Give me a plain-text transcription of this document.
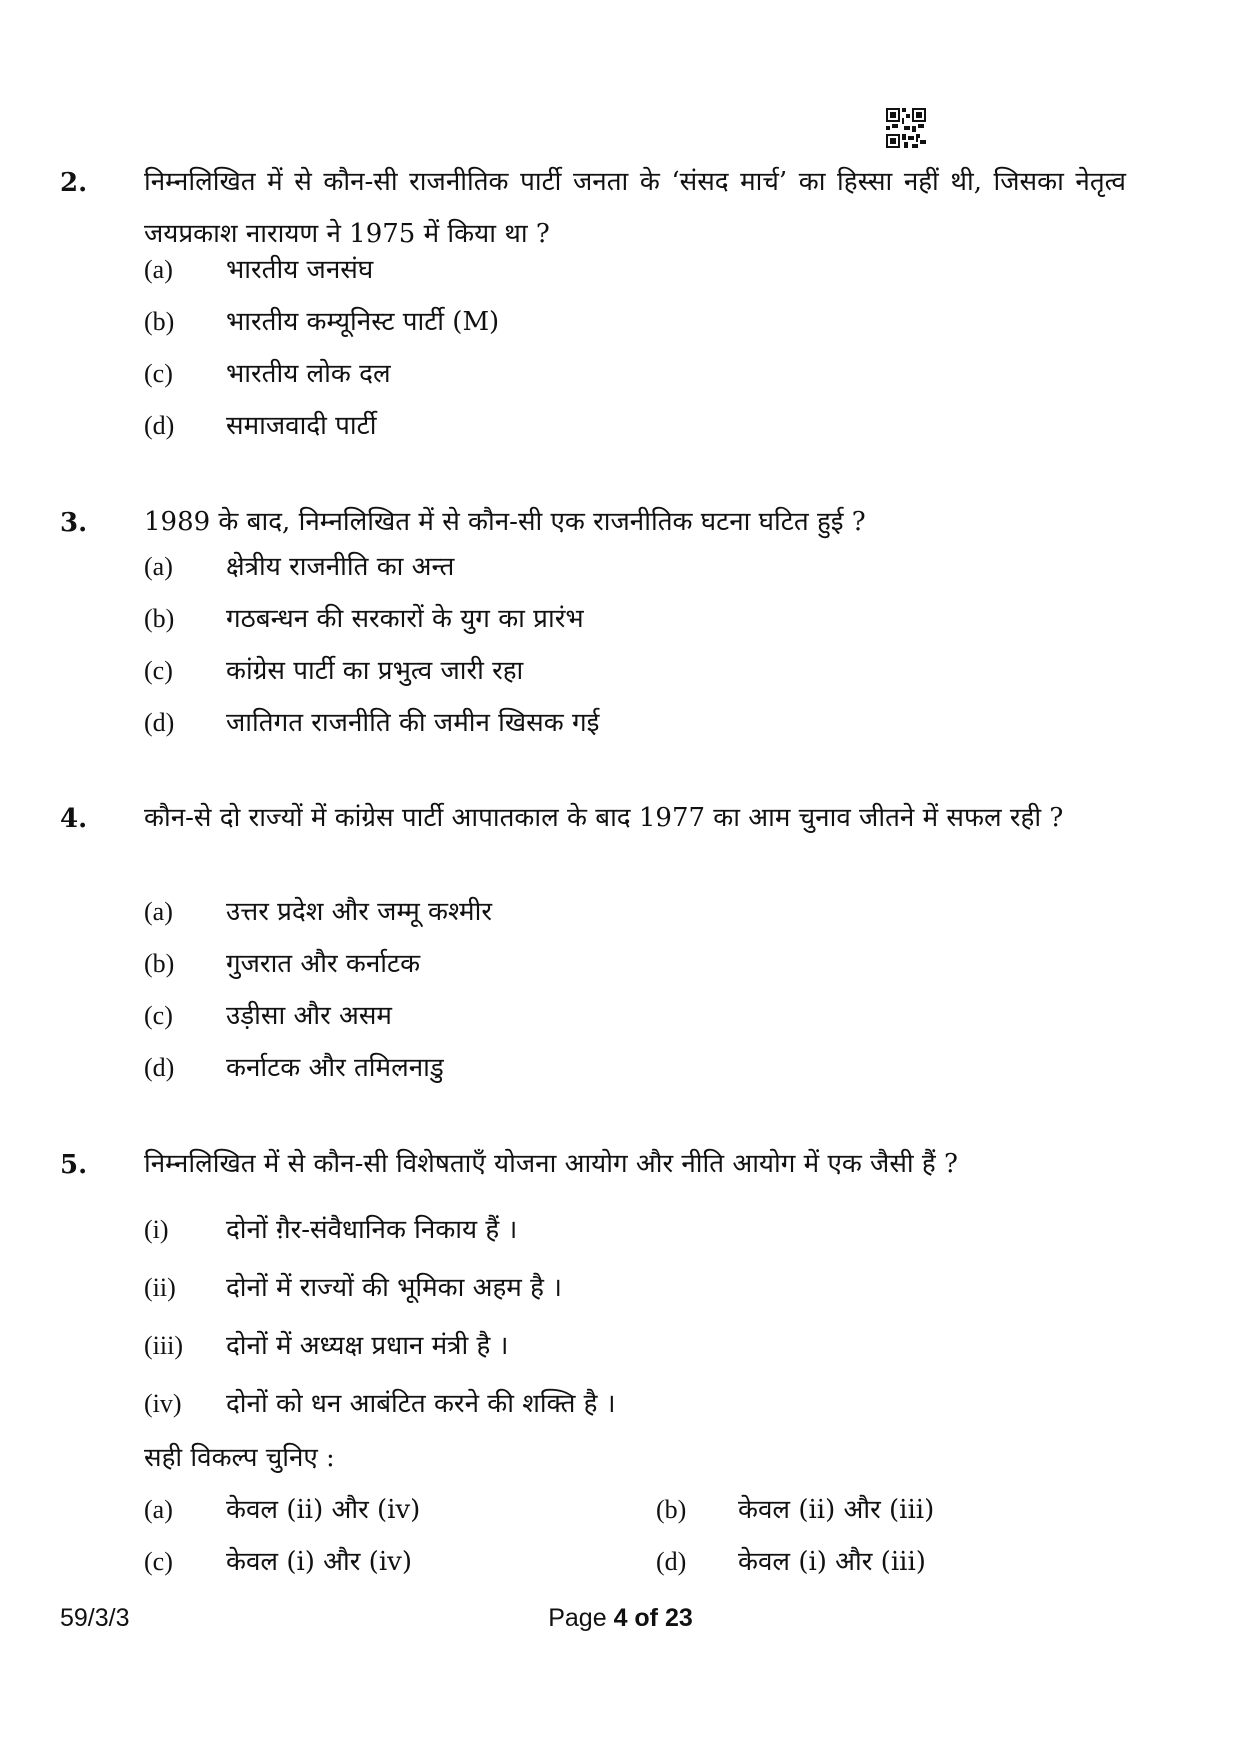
2. निम्नलिखित में से कौन-सी राजनीतिक पार्टी जनता के ‘संसद मार्च’ का हिस्सा नहीं थी, जिसका नेतृत्व जयप्रकाश नारायण ने 1975 में किया था ?
(a) भारतीय जनसंघ
(b) भारतीय कम्यूनिस्ट पार्टी (M)
(c) भारतीय लोक दल
(d) समाजवादी पार्टी
3. 1989 के बाद, निम्नलिखित में से कौन-सी एक राजनीतिक घटना घटित हुई ?
(a) क्षेत्रीय राजनीति का अन्त
(b) गठबन्धन की सरकारों के युग का प्रारंभ
(c) कांग्रेस पार्टी का प्रभुत्व जारी रहा
(d) जातिगत राजनीति की जमीन खिसक गई
4. कौन-से दो राज्यों में कांग्रेस पार्टी आपातकाल के बाद 1977 का आम चुनाव जीतने में सफल रही ?
(a) उत्तर प्रदेश और जम्मू कश्मीर
(b) गुजरात और कर्नाटक
(c) उड़ीसा और असम
(d) कर्नाटक और तमिलनाडु
5. निम्नलिखित में से कौन-सी विशेषताएँ योजना आयोग और नीति आयोग में एक जैसी हैं ?
(i) दोनों ग़ैर-संवैधानिक निकाय हैं ।
(ii) दोनों में राज्यों की भूमिका अहम है ।
(iii) दोनों में अध्यक्ष प्रधान मंत्री है ।
(iv) दोनों को धन आबंटित करने की शक्ति है ।
सही विकल्प चुनिए :
(a) केवल (ii) और (iv)	(b) केवल (ii) और (iii)
(c) केवल (i) और (iv)	(d) केवल (i) और (iii)
59/3/3	Page 4 of 23
